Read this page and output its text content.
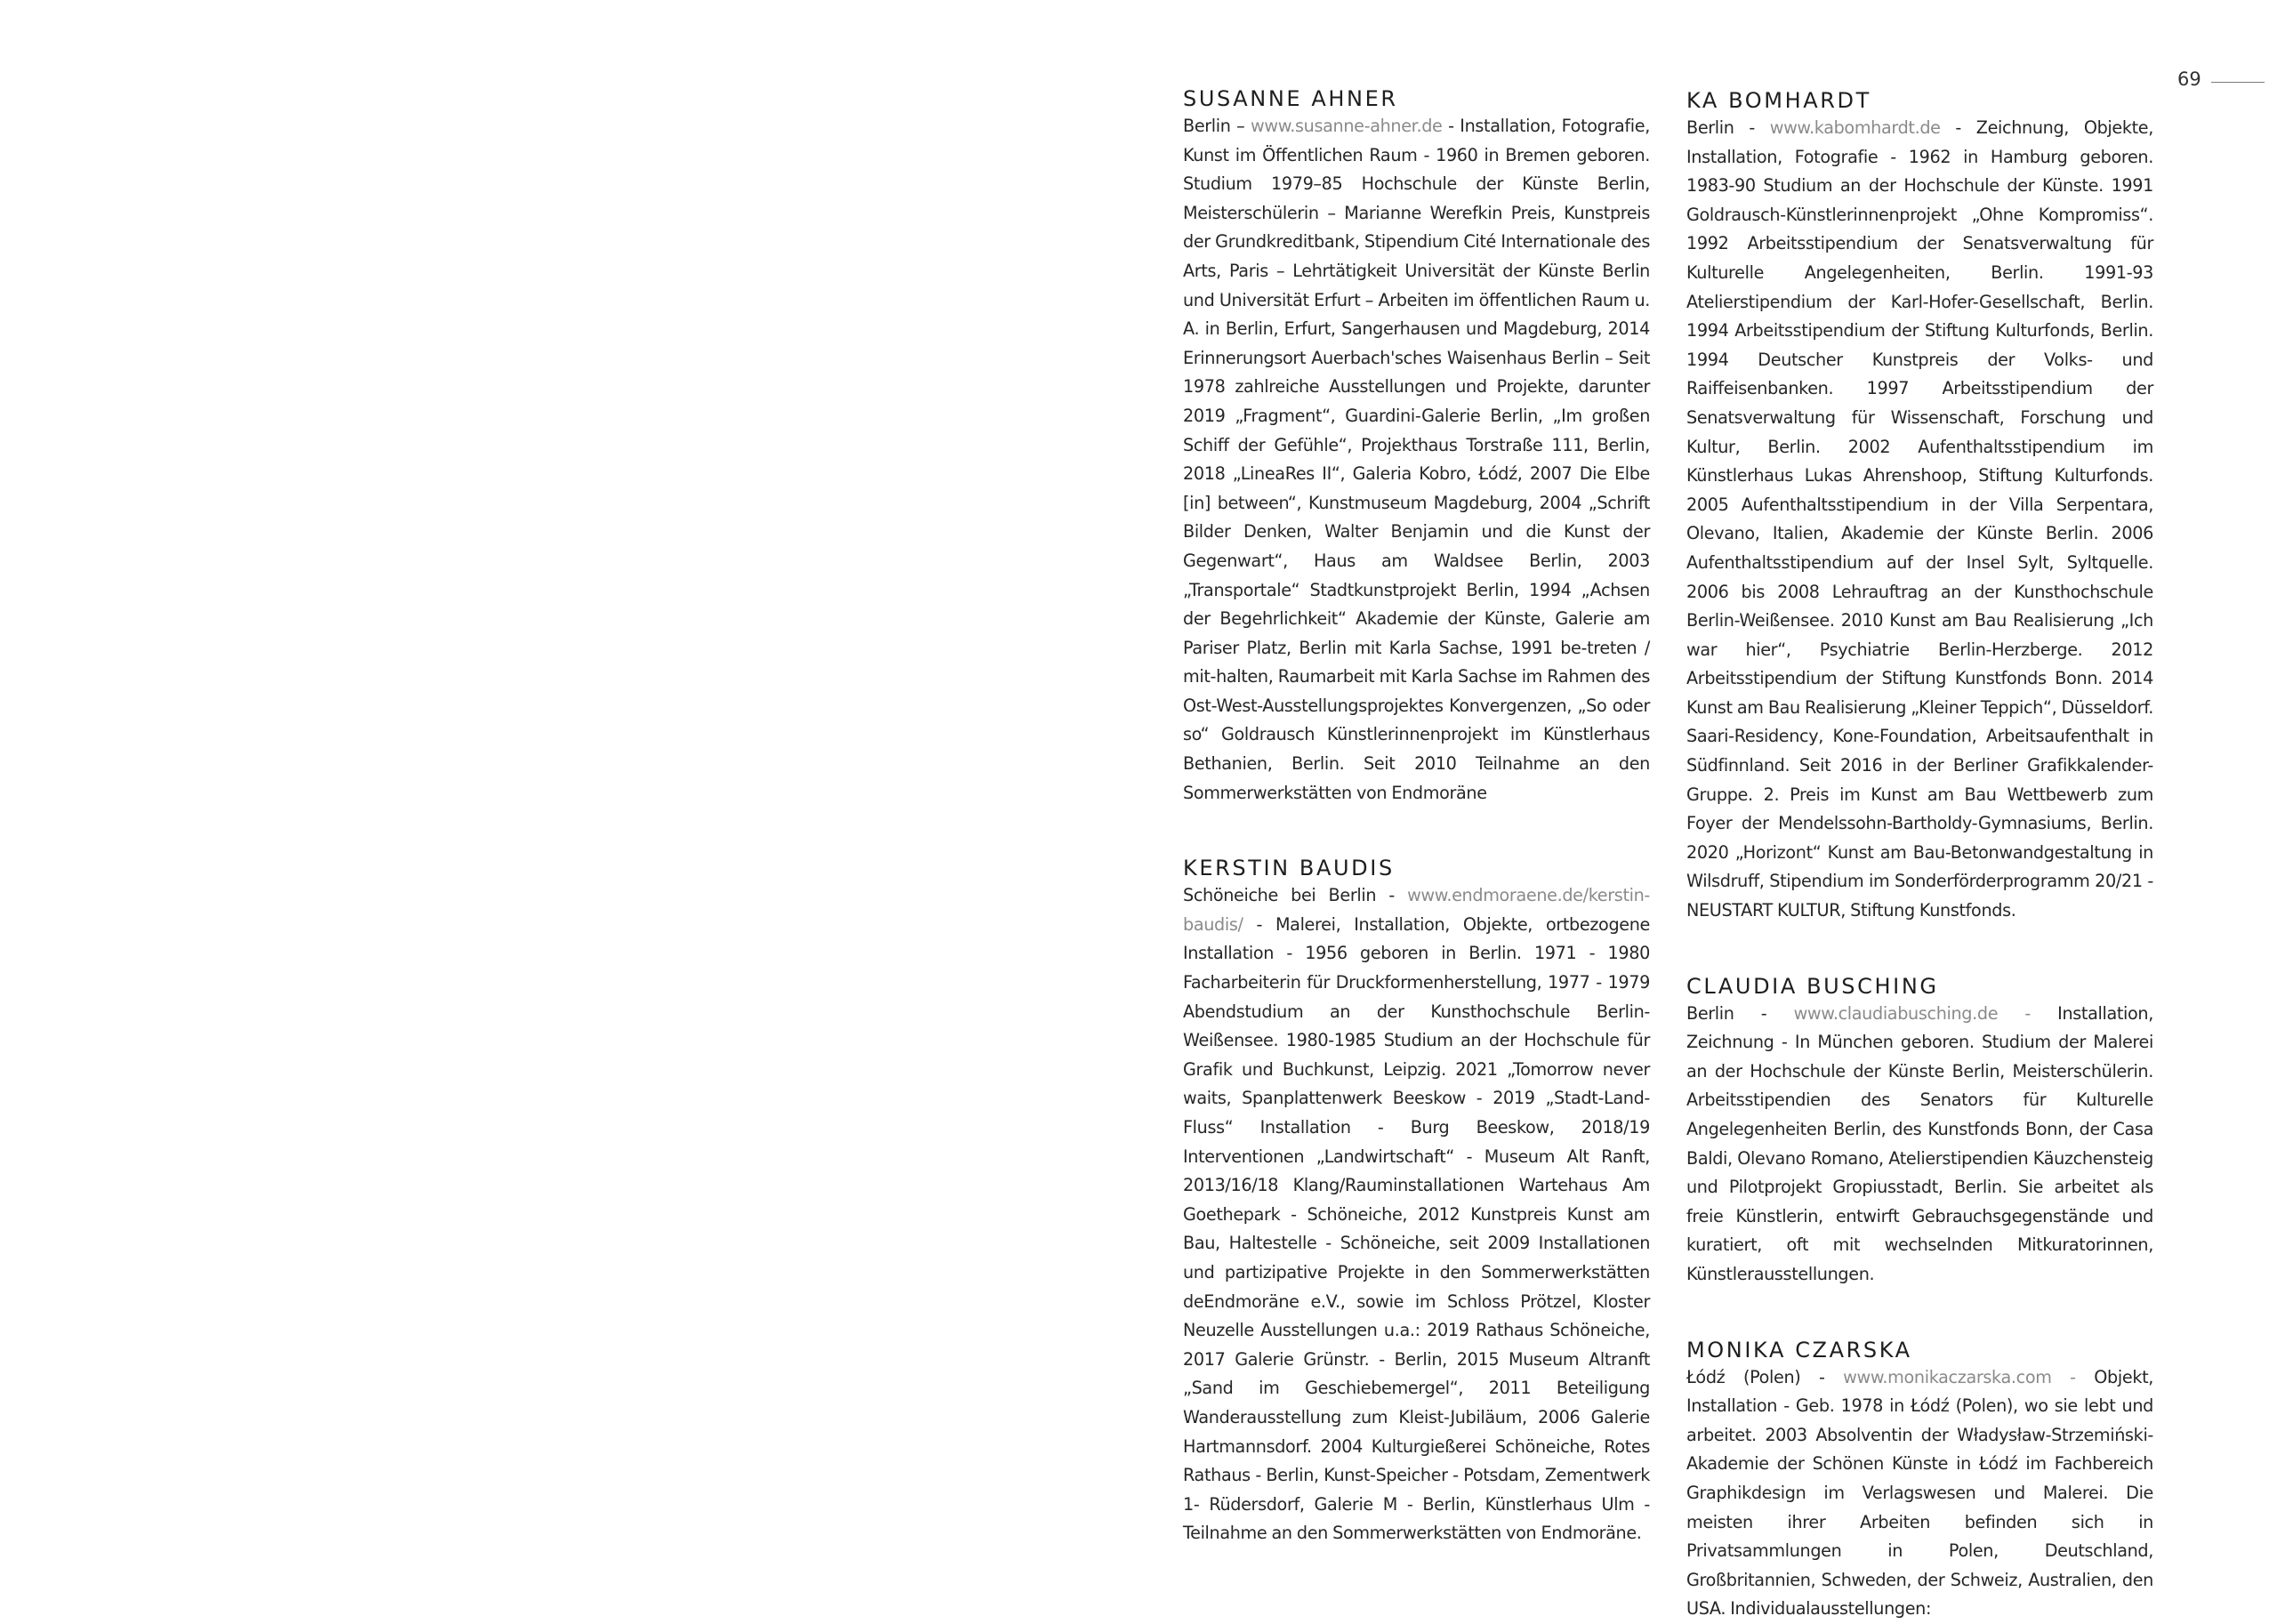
69
SUSANNE AHNER

Berlin – www.susanne-ahner.de - Installation, Fotografie, Kunst im Öffentlichen Raum - 1960 in Bremen geboren. Studium 1979–85 Hochschule der Künste Berlin, Meisterschülerin – Marianne Werefkin Preis, Kunstpreis der Grundkreditbank, Stipendium Cité Internationale des Arts, Paris – Lehrtätigkeit Universität der Künste Berlin und Universität Erfurt – Arbeiten im öffentlichen Raum u. A. in Berlin, Erfurt, Sangerhausen und Magdeburg, 2014 Erinnerungsort Auerbach'sches Waisenhaus Berlin – Seit 1978 zahlreiche Ausstellungen und Projekte, darunter 2019 „Fragment“, Guardini-Galerie Berlin, „Im großen Schiff der Gefühle“, Projekthaus Torstraße 111, Berlin, 2018 „LineaRes II“, Galeria Kobro, Łódź, 2007 Die Elbe [in] between“, Kunstmuseum Magdeburg, 2004 „Schrift Bilder Denken, Walter Benjamin und die Kunst der Gegenwart“, Haus am Waldsee Berlin, 2003 „Transportale“ Stadtkunstprojekt Berlin, 1994 „Achsen der Begehrlichkeit“ Akademie der Künste, Galerie am Pariser Platz, Berlin mit Karla Sachse, 1991 be-treten / mit-halten, Raumarbeit mit Karla Sachse im Rahmen des Ost-West-Ausstellungsprojektes Konvergenzen, „So oder so“ Goldrausch Künstlerinnenprojekt im Künstlerhaus Bethanien, Berlin. Seit 2010 Teilnahme an den Sommerwerkstätten von Endmoräne

KERSTIN BAUDIS

Schöneiche bei Berlin - www.endmoraene.de/kerstin-baudis/ - Malerei, Installation, Objekte, ortbezogene Installation - 1956 geboren in Berlin. 1971 - 1980 Facharbeiterin für Druckformenherstellung, 1977 - 1979 Abendstudium an der Kunsthochschule Berlin-Weißensee. 1980-1985 Studium an der Hochschule für Grafik und Buchkunst, Leipzig. 2021 „Tomorrow never waits, Spanplattenwerk Beeskow - 2019 „Stadt-Land-Fluss“ Installation - Burg Beeskow, 2018/19 Interventionen „Landwirtschaft“ - Museum Alt Ranft, 2013/16/18 Klang/Rauminstallationen Wartehaus Am Goethepark - Schöneiche, 2012 Kunstpreis Kunst am Bau, Haltestelle - Schöneiche, seit 2009 Installationen und partizipative Projekte in den Sommerwerkstätten deEndmoräne e.V., sowie im Schloss Prötzel, Kloster Neuzelle Ausstellungen u.a.: 2019 Rathaus Schöneiche, 2017 Galerie Grünstr. - Berlin, 2015 Museum Altranft „Sand im Geschiebemergel“, 2011 Beteiligung Wanderausstellung zum Kleist-Jubiläum, 2006 Galerie Hartmannsdorf. 2004 Kulturgießerei Schöneiche, Rotes Rathaus - Berlin, Kunst-Speicher - Potsdam, Zementwerk 1- Rüdersdorf, Galerie M - Berlin, Künstlerhaus Ulm - Teilnahme an den Sommerwerkstätten von Endmoräne.

KA BOMHARDT

Berlin - www.kabomhardt.de - Zeichnung, Objekte, Installation, Fotografie - 1962 in Hamburg geboren. 1983-90 Studium an der Hochschule der Künste. 1991 Goldrausch-Künstlerinnenprojekt „Ohne Kompromiss“. 1992 Arbeitsstipendium der Senatsverwaltung für Kulturelle Angelegenheiten, Berlin. 1991-93 Atelierstipendium der Karl-Hofer-Gesellschaft, Berlin. 1994 Arbeitsstipendium der Stiftung Kulturfonds, Berlin. 1994 Deutscher Kunstpreis der Volks- und Raiffeisenbanken. 1997 Arbeitsstipendium der Senatsverwaltung für Wissenschaft, Forschung und Kultur, Berlin. 2002 Aufenthaltsstipendium im Künstlerhaus Lukas Ahrenshoop, Stiftung Kulturfonds. 2005 Aufenthaltsstipendium in der Villa Serpentara, Olevano, Italien, Akademie der Künste Berlin. 2006 Aufenthaltsstipendium auf der Insel Sylt, Syltquelle. 2006 bis 2008 Lehrauftrag an der Kunsthochschule Berlin-Weißensee. 2010 Kunst am Bau Realisierung „Ich war hier“, Psychiatrie Berlin-Herzberge. 2012 Arbeitsstipendium der Stiftung Kunstfonds Bonn. 2014 Kunst am Bau Realisierung „Kleiner Teppich“, Düsseldorf. Saari-Residency, Kone-Foundation, Arbeitsaufenthalt in Südfinnland. Seit 2016 in der Berliner Grafikkalender-Gruppe. 2. Preis im Kunst am Bau Wettbewerb zum Foyer der Mendelssohn-Bartholdy-Gymnasiums, Berlin. 2020 „Horizont“ Kunst am Bau-Betonwandgestaltung in Wilsdruff, Stipendium im Sonderförderprogramm 20/21 - NEUSTART KULTUR, Stiftung Kunstfonds.

CLAUDIA BUSCHING

Berlin - www.claudiabusching.de - Installation, Zeichnung - In München geboren. Studium der Malerei an der Hochschule der Künste Berlin, Meisterschülerin. Arbeitsstipendien des Senators für Kulturelle Angelegenheiten Berlin, des Kunstfonds Bonn, der Casa Baldi, Olevano Romano, Atelierstipendien Käuzchensteig und Pilotprojekt Gropiusstadt, Berlin. Sie arbeitet als freie Künstlerin, entwirft Gebrauchsgegenstände und kuratiert, oft mit wechselnden Mitkuratorinnen, Künstlerausstellungen.

MONIKA CZARSKA

Łódź (Polen) - www.monikaczarska.com - Objekt, Installation - Geb. 1978 in Łódź (Polen), wo sie lebt und arbeitet. 2003 Absolventin der Władysław-Strzemiński-Akademie der Schönen Künste in Łódź im Fachbereich Graphikdesign im Verlagswesen und Malerei. Die meisten ihrer Arbeiten befinden sich in Privatsammlungen in Polen, Deutschland, Großbritannien, Schweden, der Schweiz, Australien, den USA. Individualausstellungen:
